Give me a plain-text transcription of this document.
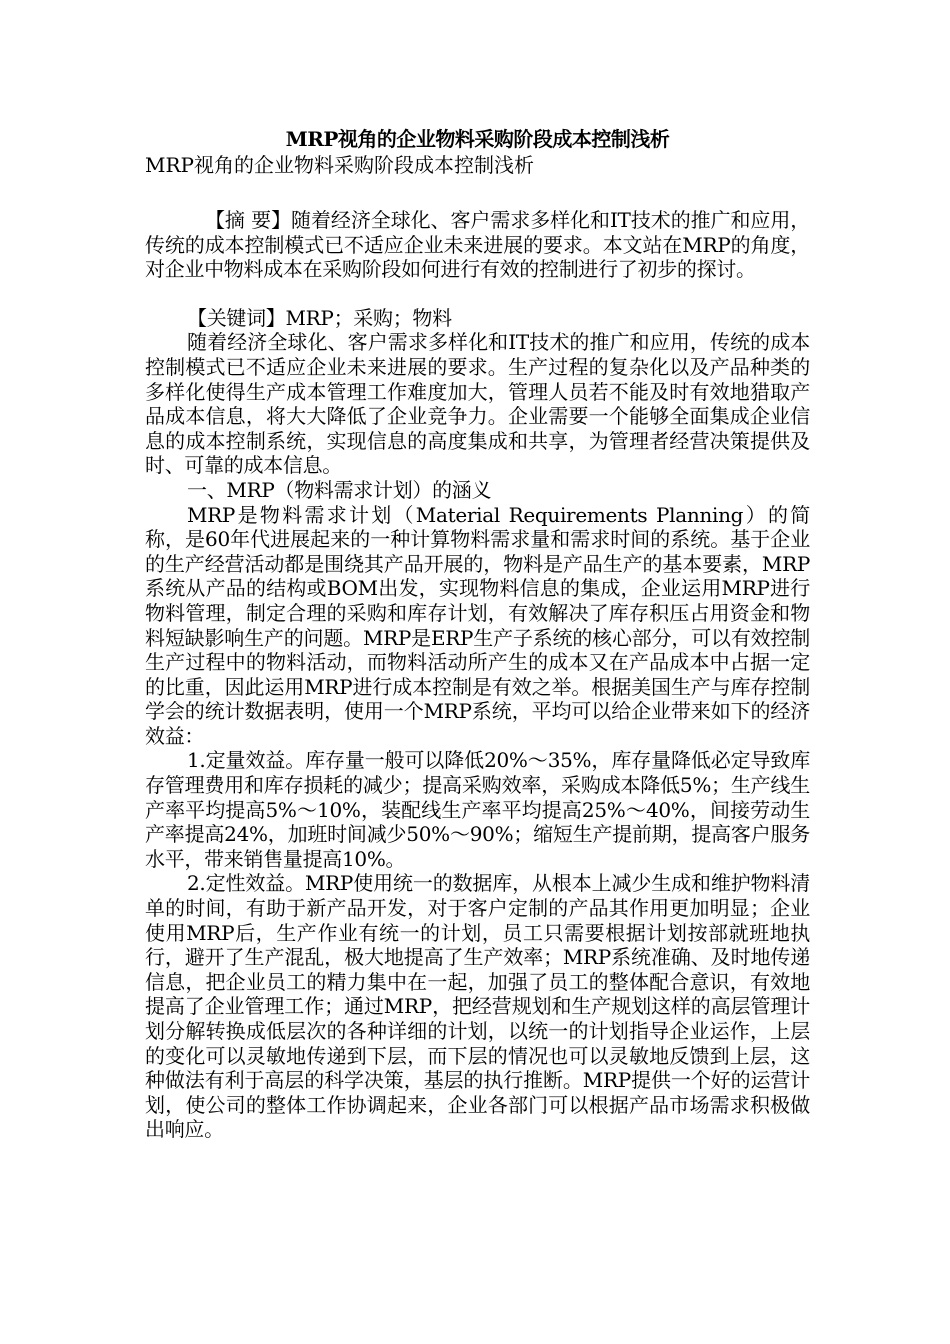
MRP视角的企业物料采购阶段成本控制浅析

MRP视角的企业物料采购阶段成本控制浅析

【摘 要】随着经济全球化、客户需求多样化和IT技术的推广和应用，传统的成本控制模式已不适应企业未来进展的要求。本文站在MRP的角度，对企业中物料成本在采购阶段如何进行有效的控制进行了初步的探讨。

【关键词】MRP；采购；物料

随着经济全球化、客户需求多样化和IT技术的推广和应用，传统的成本控制模式已不适应企业未来进展的要求。生产过程的复杂化以及产品种类的多样化使得生产成本管理工作难度加大，管理人员若不能及时有效地猎取产品成本信息，将大大降低了企业竞争力。企业需要一个能够全面集成企业信息的成本控制系统，实现信息的高度集成和共享，为管理者经营决策提供及时、可靠的成本信息。

一、MRP（物料需求计划）的涵义

MRP是物料需求计划（Material Requirements Planning）的简称，是60年代进展起来的一种计算物料需求量和需求时间的系统。基于企业的生产经营活动都是围绕其产品开展的，物料是产品生产的基本要素，MRP系统从产品的结构或BOM出发，实现物料信息的集成，企业运用MRP进行物料管理，制定合理的采购和库存计划，有效解决了库存积压占用资金和物料短缺影响生产的问题。MRP是ERP生产子系统的核心部分，可以有效控制生产过程中的物料活动，而物料活动所产生的成本又在产品成本中占据一定的比重，因此运用MRP进行成本控制是有效之举。根据美国生产与库存控制学会的统计数据表明，使用一个MRP系统，平均可以给企业带来如下的经济效益：

1.定量效益。库存量一般可以降低20%～35%，库存量降低必定导致库存管理费用和库存损耗的减少；提高采购效率，采购成本降低5%；生产线生产率平均提高5%～10%，装配线生产率平均提高25%～40%，间接劳动生产率提高24%，加班时间减少50%～90%；缩短生产提前期，提高客户服务水平，带来销售量提高10%。

2.定性效益。MRP使用统一的数据库，从根本上减少生成和维护物料清单的时间，有助于新产品开发，对于客户定制的产品其作用更加明显；企业使用MRP后，生产作业有统一的计划，员工只需要根据计划按部就班地执行，避开了生产混乱，极大地提高了生产效率；MRP系统准确、及时地传递信息，把企业员工的精力集中在一起，加强了员工的整体配合意识，有效地提高了企业管理工作；通过MRP，把经营规划和生产规划这样的高层管理计划分解转换成低层次的各种详细的计划，以统一的计划指导企业运作，上层的变化可以灵敏地传递到下层，而下层的情况也可以灵敏地反馈到上层，这种做法有利于高层的科学决策，基层的执行推断。MRP提供一个好的运营计划，使公司的整体工作协调起来，企业各部门可以根据产品市场需求积极做出响应。
